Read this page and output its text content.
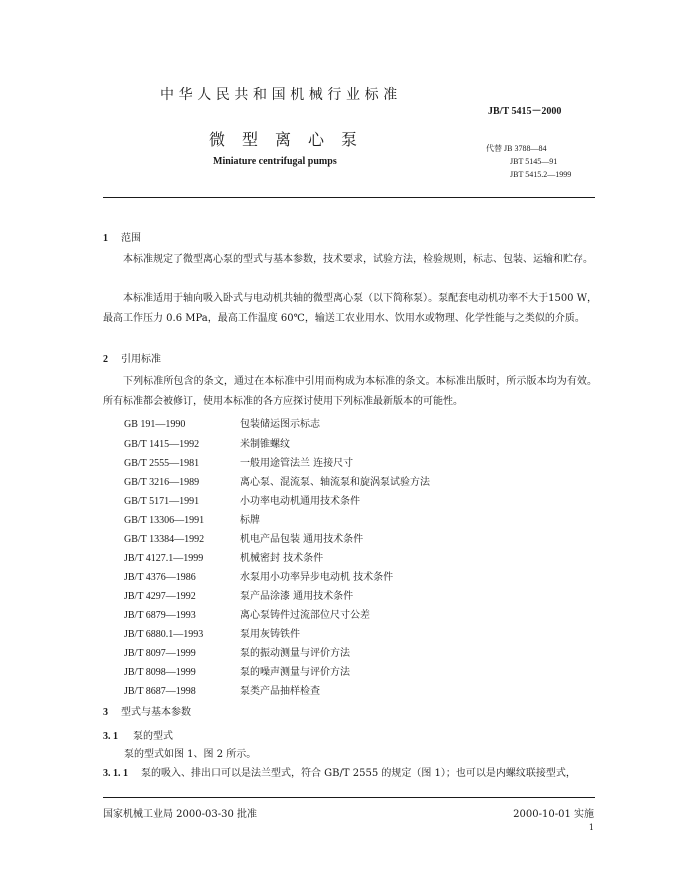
中华人民共和国机械行业标准
JB/T 5415－2000
微型离心泵
Miniature centrifugal pumps
代替 JB 3788—84
JBT 5145—91
JBT 5415.2—1999
1 范围
本标准规定了微型离心泵的型式与基本参数，技术要求，试验方法，检验规则，标志、包装、运输和贮存。
本标准适用于轴向吸入卧式与电动机共轴的微型离心泵（以下简称泵）。泵配套电动机功率不大于1500 W，最高工作压力 0.6 MPa，最高工作温度 60℃，输送工农业用水、饮用水或物理、化学性能与之类似的介质。
2 引用标准
下列标准所包含的条文，通过在本标准中引用而构成为本标准的条文。本标准出版时，所示版本均为有效。所有标准都会被修订，使用本标准的各方应探讨使用下列标准最新版本的可能性。
GB 191—1990	包装储运图示标志
GB/T 1415—1992	米制锥螺纹
GB/T 2555—1981	一般用途管法兰 连接尺寸
GB/T 3216—1989	离心泵、混流泵、轴流泵和旋涡泵试验方法
GB/T 5171—1991	小功率电动机通用技术条件
GB/T 13306—1991	标牌
GB/T 13384—1992	机电产品包装 通用技术条件
JB/T 4127.1—1999	机械密封 技术条件
JB/T 4376—1986	水泵用小功率异步电动机 技术条件
JB/T 4297—1992	泵产品涂漆 通用技术条件
JB/T 6879—1993	离心泵铸件过流部位尺寸公差
JB/T 6880.1—1993	泵用灰铸铁件
JB/T 8097—1999	泵的振动测量与评价方法
JB/T 8098—1999	泵的噪声测量与评价方法
JB/T 8687—1998	泵类产品抽样检查
3 型式与基本参数
3. 1 泵的型式
泵的型式如图 1、图 2 所示。
3. 1. 1 泵的吸入、排出口可以是法兰型式，符合 GB/T 2555 的规定（图 1）；也可以是内螺纹联接型式，
国家机械工业局 2000-03-30 批准	2000-10-01 实施
1
